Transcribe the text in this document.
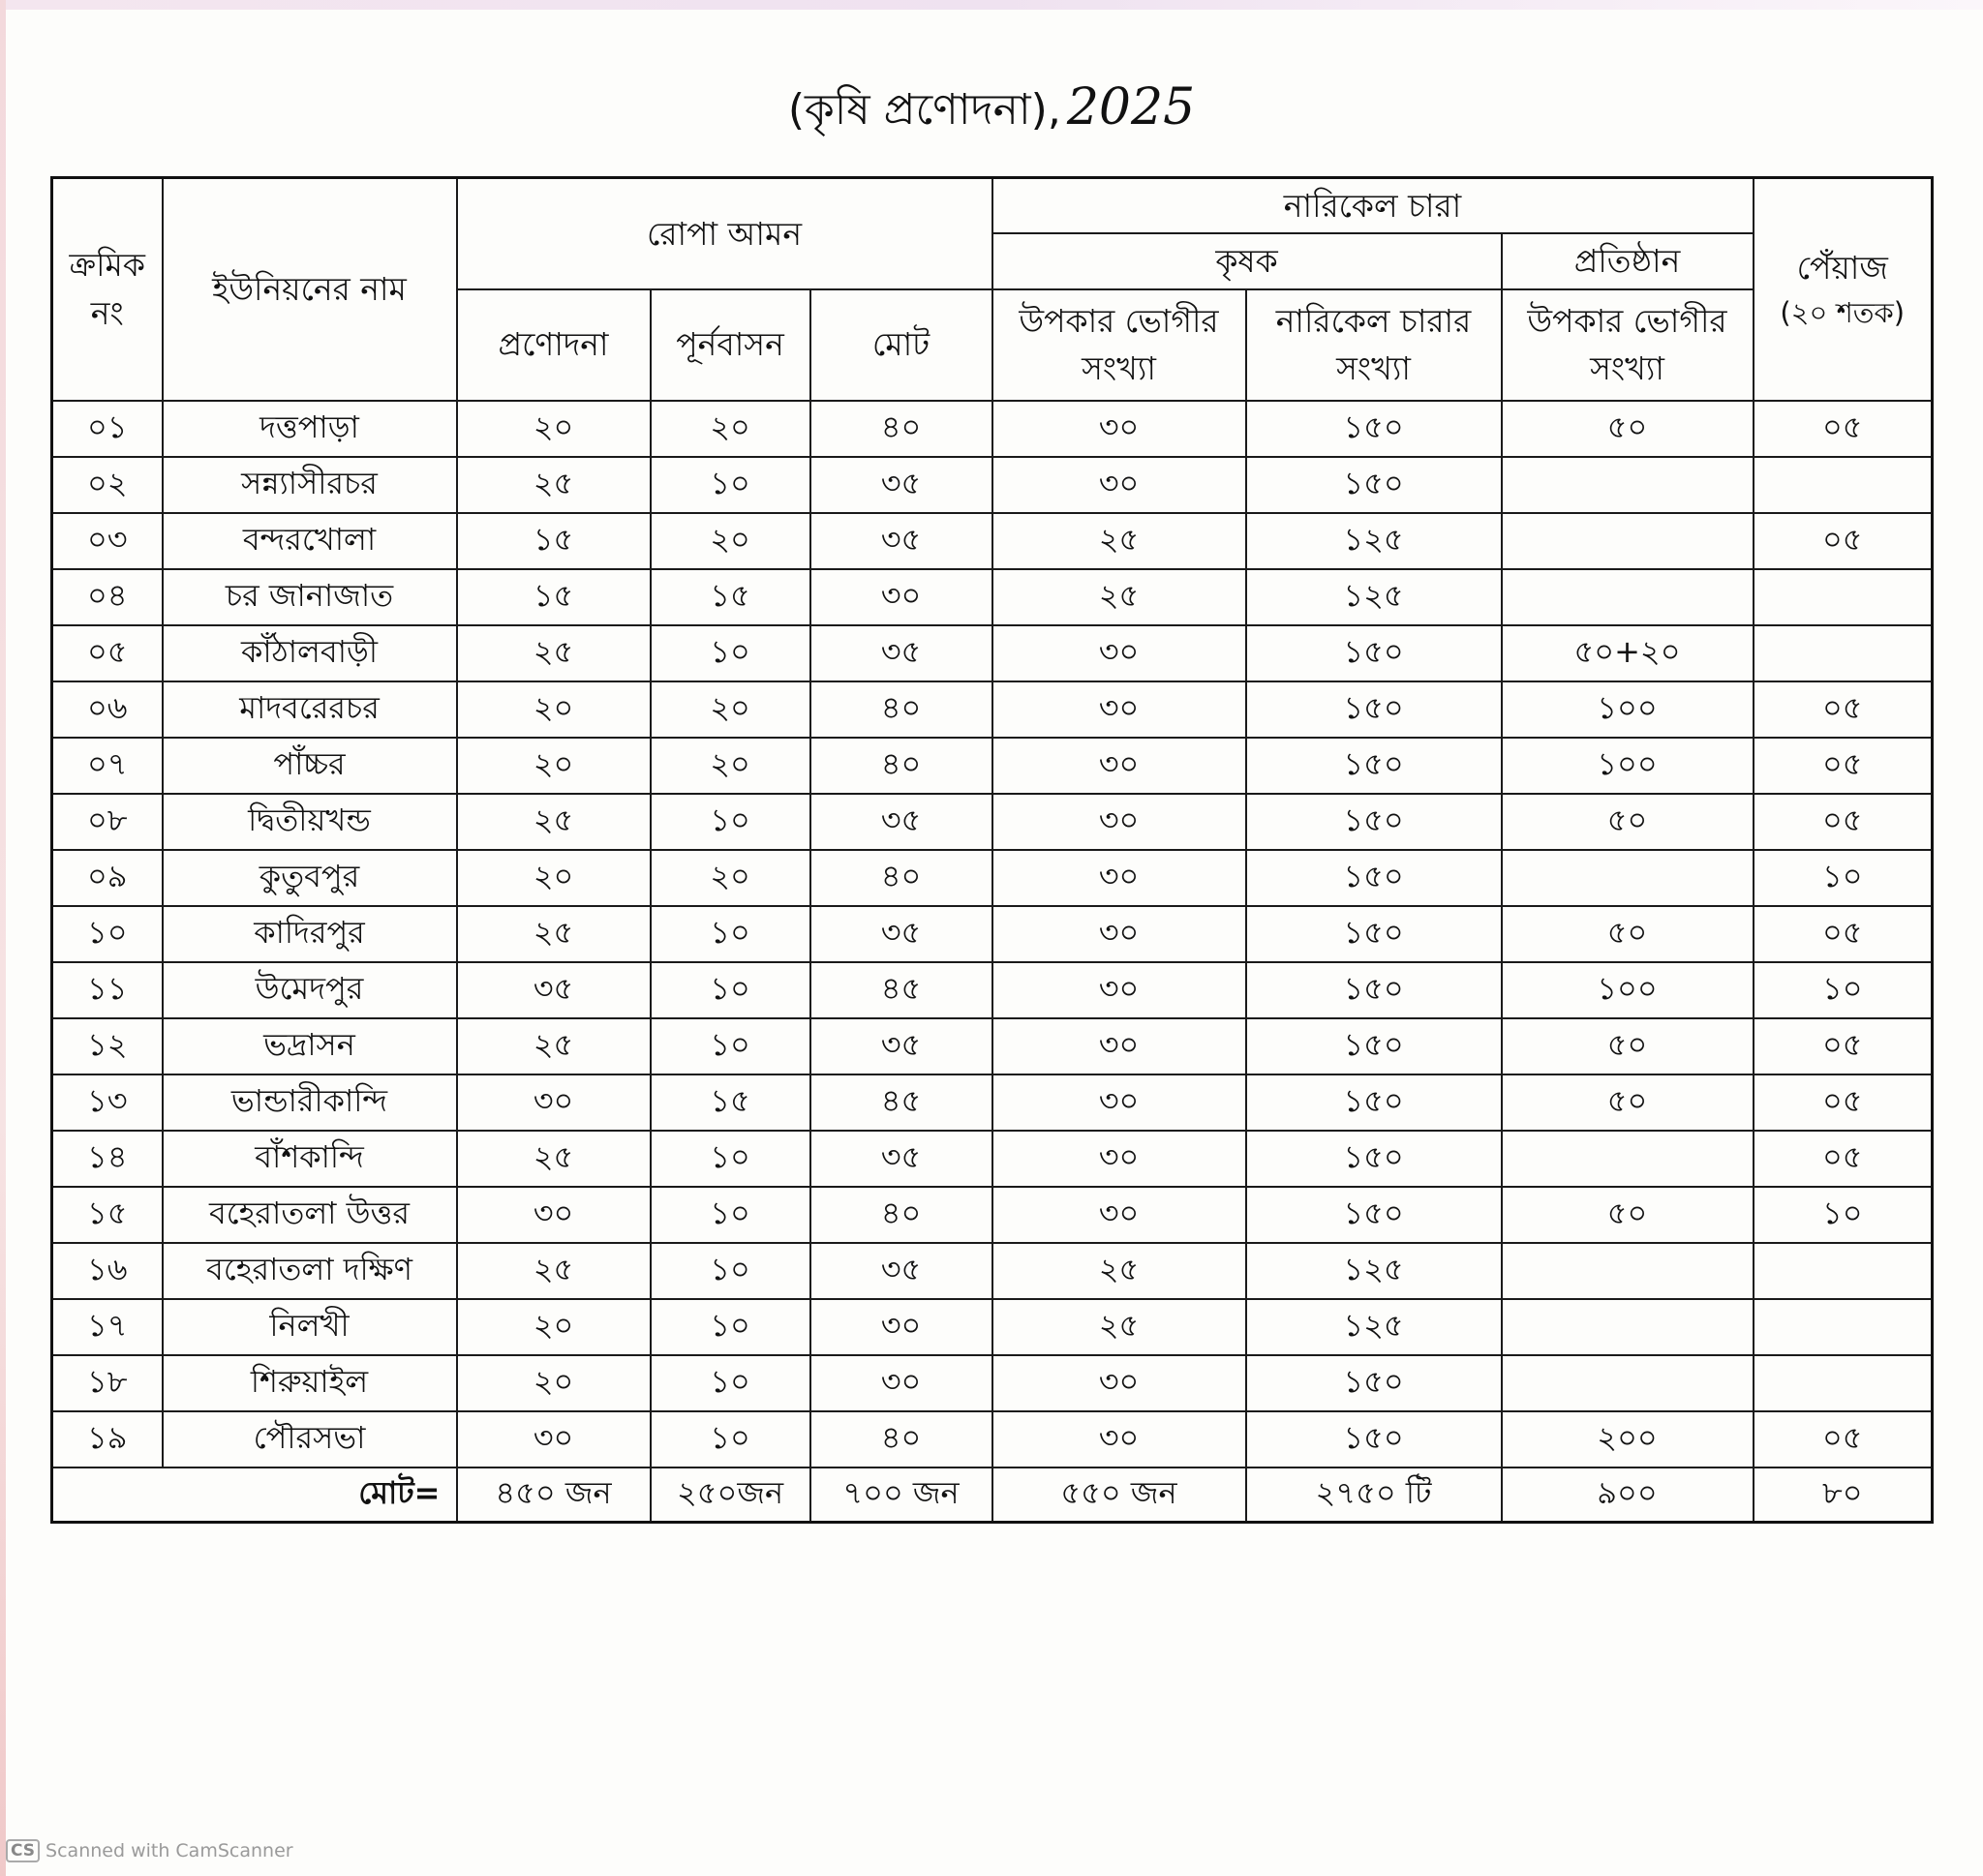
(কৃষি প্রণোদনা), 2025
ক্রমিক নং	ইউনিয়নের নাম	রোপা আমন			নারিকেল চারা			পেঁয়াজ
(২০ শতক)

					কৃষক		প্রতিষ্ঠান	
		প্রণোদনা	পূর্নবাসন	মোট	উপকার ভোগীর সংখ্যা	নারিকেল চারার সংখ্যা	উপকার ভোগীর সংখ্যা	
০১	দত্তপাড়া	২০	২০	৪০	৩০	১৫০	৫০	০৫
০২	সন্ন্যাসীরচর	২৫	১০	৩৫	৩০	১৫০		
০৩	বন্দরখোলা	১৫	২০	৩৫	২৫	১২৫		০৫
০৪	চর জানাজাত	১৫	১৫	৩০	২৫	১২৫		
০৫	কাঁঠালবাড়ী	২৫	১০	৩৫	৩০	১৫০	৫০+২০	
০৬	মাদবরেরচর	২০	২০	৪০	৩০	১৫০	১০০	০৫
০৭	পাঁচ্চর	২০	২০	৪০	৩০	১৫০	১০০	০৫
০৮	দ্বিতীয়খন্ড	২৫	১০	৩৫	৩০	১৫০	৫০	০৫
০৯	কুতুবপুর	২০	২০	৪০	৩০	১৫০		১০
১০	কাদিরপুর	২৫	১০	৩৫	৩০	১৫০	৫০	০৫
১১	উমেদপুর	৩৫	১০	৪৫	৩০	১৫০	১০০	১০
১২	ভদ্রাসন	২৫	১০	৩৫	৩০	১৫০	৫০	০৫
১৩	ভান্ডারীকান্দি	৩০	১৫	৪৫	৩০	১৫০	৫০	০৫
১৪	বাঁশকান্দি	২৫	১০	৩৫	৩০	১৫০		০৫
১৫	বহেরাতলা উত্তর	৩০	১০	৪০	৩০	১৫০	৫০	১০
১৬	বহেরাতলা দক্ষিণ	২৫	১০	৩৫	২৫	১২৫		
১৭	নিলখী	২০	১০	৩০	২৫	১২৫		
১৮	শিরুয়াইল	২০	১০	৩০	৩০	১৫০		
১৯	পৌরসভা	৩০	১০	৪০	৩০	১৫০	২০০	০৫
মোট=		৪৫০ জন	২৫০জন	৭০০ জন	৫৫০ জন	২৭৫০ টি	৯০০	৮০
CS Scanned with CamScanner
